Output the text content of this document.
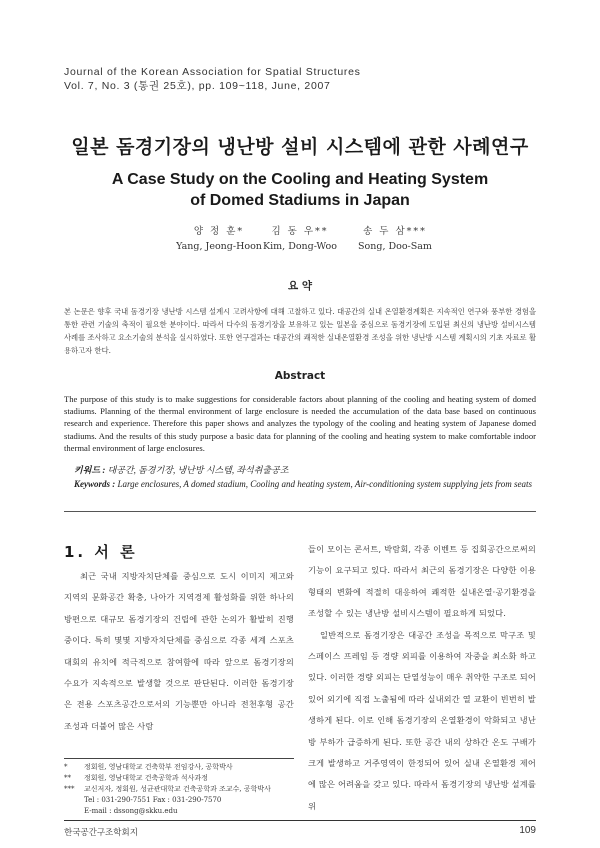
Journal of the Korean Association for Spatial Structures
Vol. 7, No. 3 (통권 25호), pp. 109~118, June, 2007
일본 돔경기장의 냉난방 설비 시스템에 관한 사례연구
A Case Study on the Cooling and Heating System
of Domed Stadiums in Japan
양 정 훈*
Yang, Jeong-Hoon
김 동 우**
Kim, Dong-Woo
송 두 삼***
Song, Doo-Sam
요 약

본 논문은 향후 국내 돔경기장 냉난방 시스템 설계시 고려사항에 대해 고찰하고 있다. 대공간의 실내 온열환경계획은 지속적인 연구와 풍부한 경험을 통한 관련 기술의 축적이 필요한 분야이다. 따라서 다수의 돔경기장을 보유하고 있는 일본을 중심으로 돔경기장에 도입된 최신의 냉난방 설비시스템 사례를 조사하고 요소기술의 분석을 실시하였다. 또한 연구결과는 대공간의 쾌적한 실내온열환경 조성을 위한 냉난방 시스템 계획시의 기초 자료로 활용하고자 한다.

Abstract

The purpose of this study is to make suggestions for considerable factors about planning of the cooling and heating system of domed stadiums. Planning of the thermal environment of large enclosure is needed the accumulation of the data base based on continuous research and experience. Therefore this paper shows and analyzes the typology of the cooling and heating system of Japanese domed stadiums. And the results of this study purpose a basic data for planning of the cooling and heating system to make comfortable indoor thermal environment of large enclosures.

키워드 : 대공간, 돔경기장, 냉난방 시스템, 좌석취출공조
Keywords : Large enclosures, A domed stadium, Cooling and heating system, Air-conditioning system supplying jets from seats
1. 서 론

최근 국내 지방자치단체를 중심으로 도시 이미지 제고와 지역의 문화공간 확충, 나아가 지역경제 활성화를 위한 하나의 방편으로 대규모 돔경기장의 건립에 관한 논의가 활발히 진행 중이다. 특히 몇몇 지방자치단체를 중심으로 각종 세계 스포츠대회의 유치에 적극적으로 참여함에 따라 앞으로 돔경기장의 수요가 지속적으로 발생할 것으로 판단된다. 이러한 돔경기장은 전용 스포츠공간으로서의 기능뿐만 아니라 전천후형 공간 조성과 더불어 많은 사람

들이 모이는 콘서트, 박람회, 각종 이벤트 등 집회공간으로써의 기능이 요구되고 있다. 따라서 최근의 돔경기장은 다양한 이용형태의 변화에 적절히 대응하여 쾌적한 실내온열·공기환경을 조성할 수 있는 냉난방 설비시스템이 필요하게 되었다.

일반적으로 돔경기장은 대공간 조성을 목적으로 막구조 및 스페이스 프레임 등 경량 외피를 이용하여 자중을 최소화 하고 있다. 이러한 경량 외피는 단열성능이 매우 취약한 구조로 되어 있어 외기에 직접 노출됨에 따라 실내외간 열 교환이 빈번히 발생하게 된다. 이로 인해 돔경기장의 온열환경이 악화되고 냉난방 부하가 급증하게 된다. 또한 공간 내의 상하간 온도 구배가 크게 발생하고 거주영역이 한정되어 있어 실내 온열환경 제어에 많은 어려움을 갖고 있다. 따라서 돔경기장의 냉난방 설계를 위

* 정회원, 영남대학교 건축학부 전임강사, 공학박사
** 정회원, 영남대학교 건축공학과 석사과정
*** 교신저자, 정회원, 성균관대학교 건축공학과 조교수, 공학박사
Tel : 031-290-7551 Fax : 031-290-7570
E-mail : dssong@skku.edu
한국공간구조학회지	109
